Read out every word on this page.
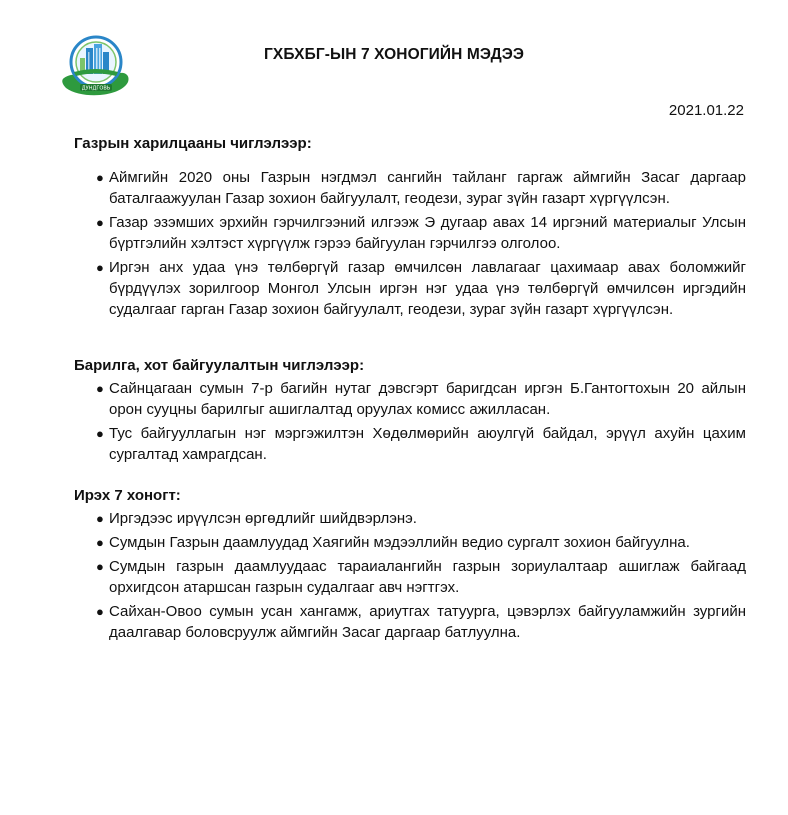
ДУНДГОВЬ
ГХБХБГ-ЫН 7 ХОНОГИЙН МЭДЭЭ
2021.01.22
Газрын харилцааны чиглэлээр:
● Аймгийн 2020 оны Газрын нэгдмэл сангийн тайланг гаргаж аймгийн Засаг даргаар баталгаажуулан Газар зохион байгуулалт, геодези, зураг зүйн газарт хүргүүлсэн.
● Газар эзэмших эрхийн гэрчилгээний илгээж Э дугаар авах 14 иргэний материалыг Улсын бүртгэлийн хэлтэст хүргүүлж гэрээ байгуулан гэрчилгээ олголоо.
● Иргэн анх удаа үнэ төлбөргүй газар өмчилсөн лавлагааг цахимаар авах боломжийг бүрдүүлэх зорилгоор Монгол Улсын иргэн нэг удаа үнэ төлбөргүй өмчилсөн иргэдийн судалгааг гарган Газар зохион байгуулалт, геодези, зураг зүйн газарт хүргүүлсэн.
Барилга, хот байгуулалтын чиглэлээр:
● Сайнцагаан сумын 7-р багийн нутаг дэвсгэрт баригдсан иргэн Б.Гантогтохын 20 айлын орон сууцны барилгыг ашиглалтад оруулах комисс ажилласан.
● Тус байгууллагын нэг мэргэжилтэн Хөдөлмөрийн аюулгүй байдал, эрүүл ахуйн цахим сургалтад хамрагдсан.
Ирэх 7 хоногт:
● Иргэдээс ирүүлсэн өргөдлийг шийдвэрлэнэ.
● Сумдын Газрын даамлуудад Хаягийн мэдээллийн ведио сургалт зохион байгуулна.
● Сумдын газрын даамлуудаас тараиалангийн газрын зориулалтаар ашиглаж байгаад орхигдсон атаршсан газрын судалгааг авч нэгтгэх.
● Сайхан-Овоо сумын усан хангамж, ариутгах татуурга, цэвэрлэх байгууламжийн зургийн даалгавар боловсруулж аймгийн Засаг даргаар батлуулна.
